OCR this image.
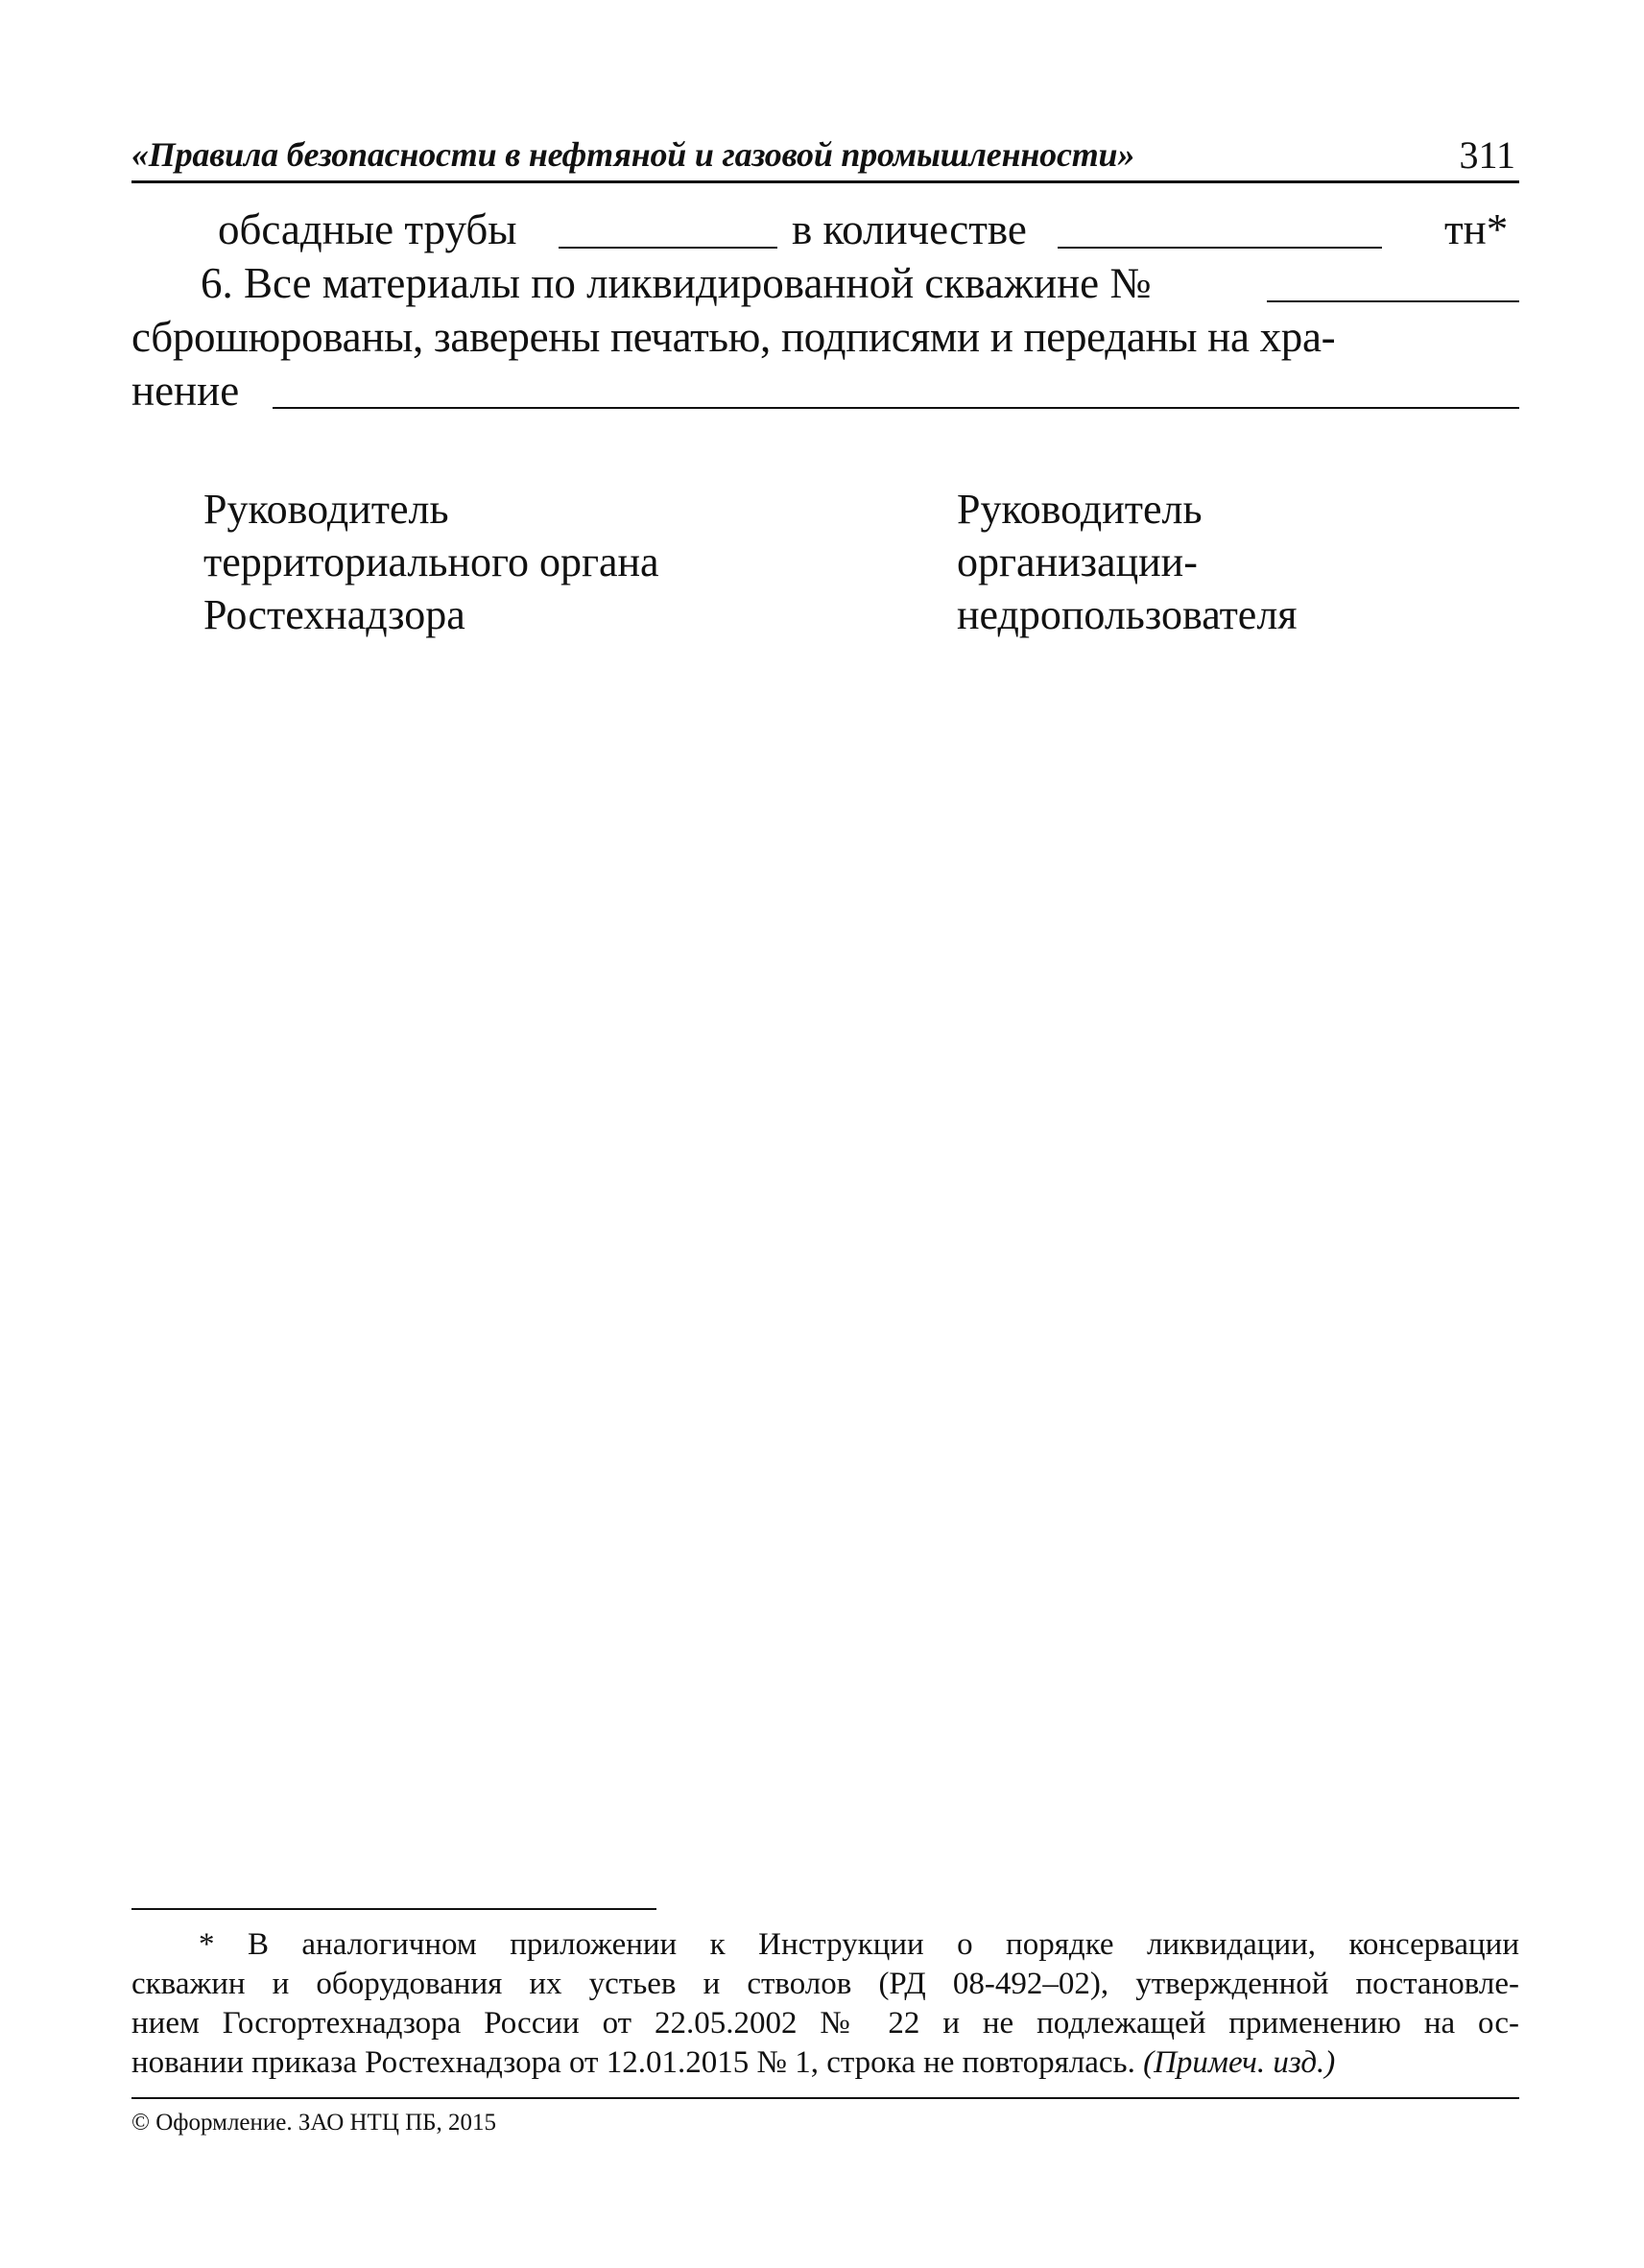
«Правила безопасности в нефтяной и газовой промышленности»	311
обсадные трубы	в количестве	тн*
6. Все материалы по ликвидированной скважине №
сброшюрованы, заверены печатью, подписями и переданы на хра-
нение
Руководитель
территориального органа
Ростехнадзора
Руководитель
организации-
недропользователя
* В аналогичном приложении к Инструкции о порядке ликвидации, консервации
скважин и оборудования их устьев и стволов (РД 08-492–02), утвержденной постановле-
нием Госгортехнадзора России от 22.05.2002 № 22 и не подлежащей применению на ос-
новании приказа Ростехнадзора от 12.01.2015 № 1, строка не повторялась. (Примеч. изд.)
© Оформление. ЗАО НТЦ ПБ, 2015
